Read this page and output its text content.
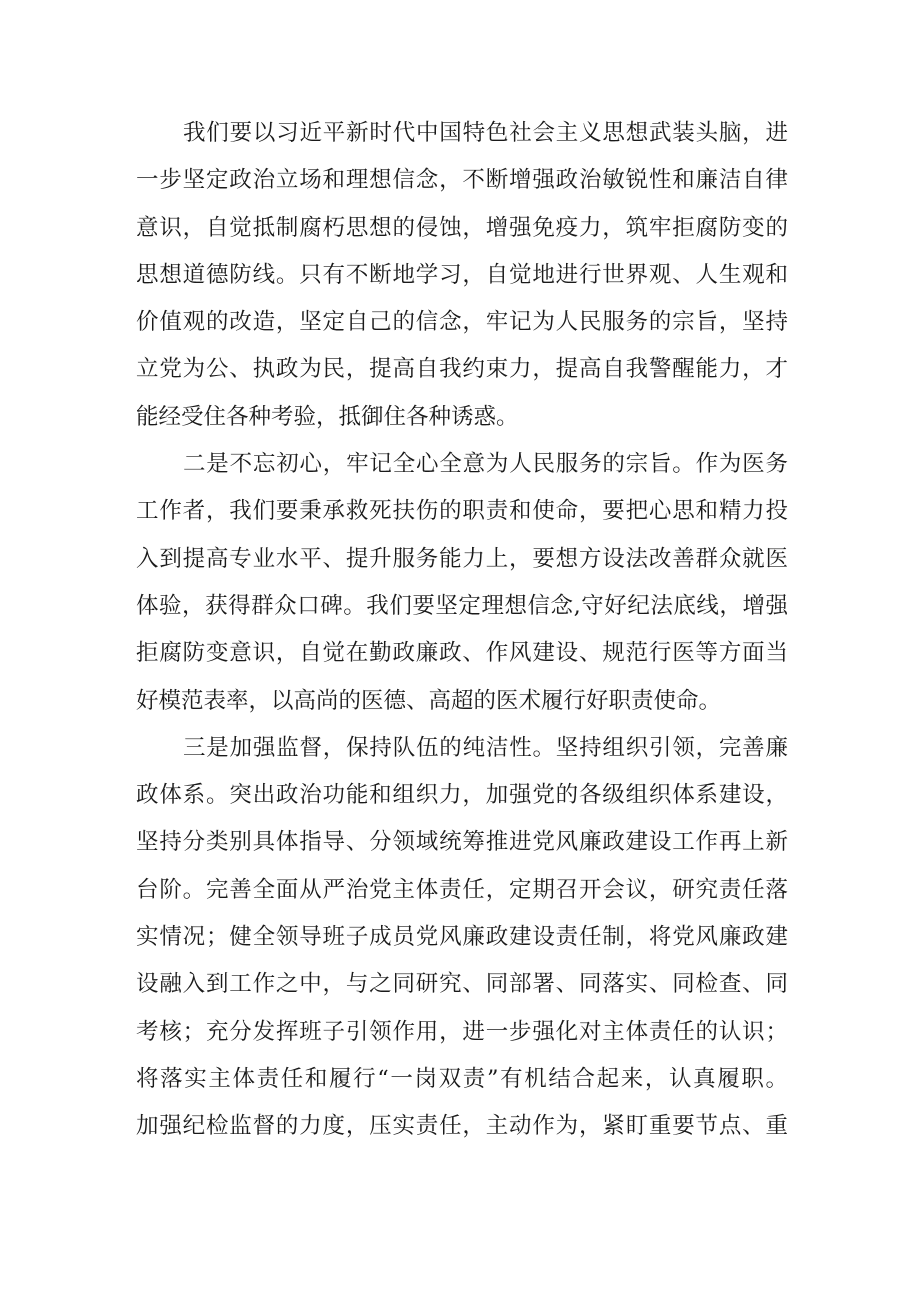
我们要以习近平新时代中国特色社会主义思想武装头脑，进
一步坚定政治立场和理想信念，不断增强政治敏锐性和廉洁自律
意识，自觉抵制腐朽思想的侵蚀，增强免疫力，筑牢拒腐防变的
思想道德防线。只有不断地学习，自觉地进行世界观、人生观和
价值观的改造，坚定自己的信念，牢记为人民服务的宗旨，坚持
立党为公、执政为民，提高自我约束力，提高自我警醒能力，才
能经受住各种考验，抵御住各种诱惑。
二是不忘初心，牢记全心全意为人民服务的宗旨。作为医务
工作者，我们要秉承救死扶伤的职责和使命，要把心思和精力投
入到提高专业水平、提升服务能力上，要想方设法改善群众就医
体验，获得群众口碑。我们要坚定理想信念,守好纪法底线，增强
拒腐防变意识，自觉在勤政廉政、作风建设、规范行医等方面当
好模范表率，以高尚的医德、高超的医术履行好职责使命。
三是加强监督，保持队伍的纯洁性。坚持组织引领，完善廉
政体系。突出政治功能和组织力，加强党的各级组织体系建设，
坚持分类别具体指导、分领域统筹推进党风廉政建设工作再上新
台阶。完善全面从严治党主体责任，定期召开会议，研究责任落
实情况；健全领导班子成员党风廉政建设责任制，将党风廉政建
设融入到工作之中，与之同研究、同部署、同落实、同检查、同
考核；充分发挥班子引领作用，进一步强化对主体责任的认识；
将落实主体责任和履行“一岗双责”有机结合起来，认真履职。
加强纪检监督的力度，压实责任，主动作为，紧盯重要节点、重
